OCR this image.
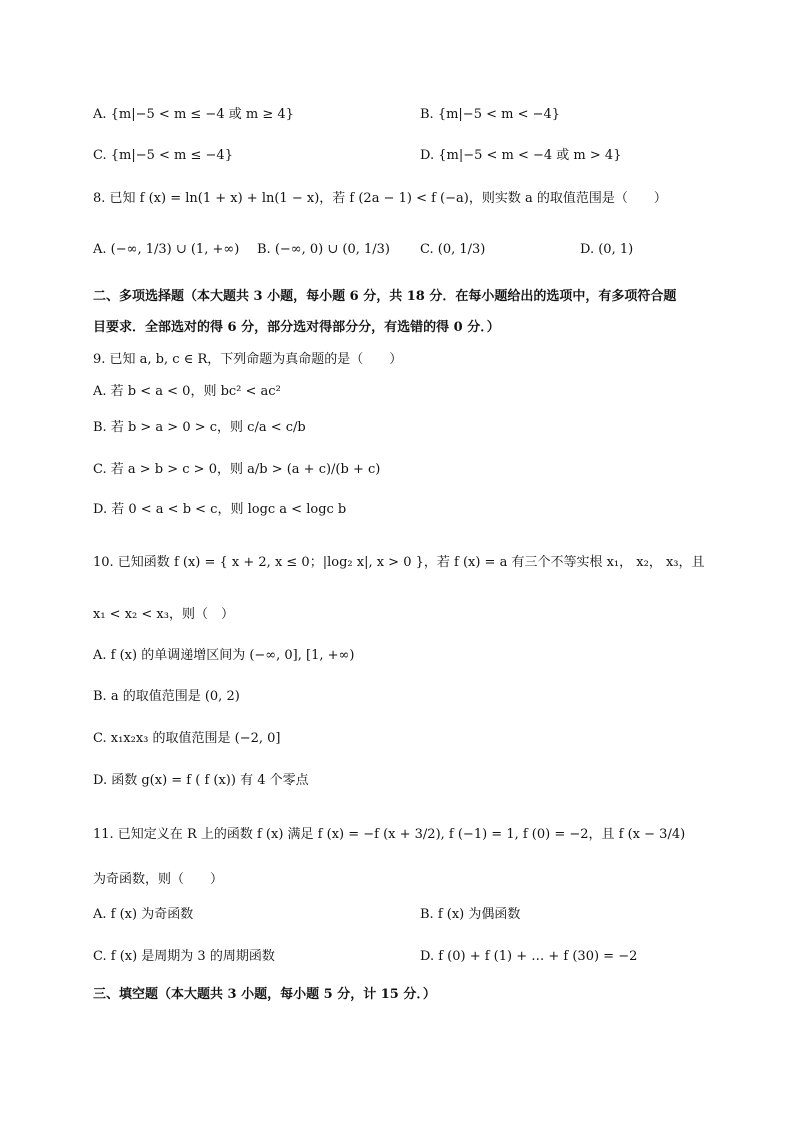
A. {m|−5 < m ≤ −4 或 m ≥ 4}	B. {m|−5 < m < −4}
C. {m|−5 < m ≤ −4}	D. {m|−5 < m < −4 或 m > 4}
8. 已知 f (x) = ln(1 + x) + ln(1 − x)，若 f (2a − 1) < f (−a)，则实数 a 的取值范围是（　　）
A. (−∞, 1/3) ∪ (1, +∞) B. (−∞, 0) ∪ (0, 1/3) C. (0, 1/3)	D. (0, 1)
二、多项选择题（本大题共 3 小题，每小题 6 分，共 18 分．在每小题给出的选项中，有多项符合题
目要求．全部选对的得 6 分，部分选对得部分分，有选错的得 0 分．）
9. 已知 a, b, c ∈ R，下列命题为真命题的是（　　）
A. 若 b < a < 0，则 bc² < ac²
B. 若 b > a > 0 > c，则 c/a < c/b
C. 若 a > b > c > 0，则 a/b > (a + c)/(b + c)
D. 若 0 < a < b < c，则 logc a < logc b
10. 已知函数 f (x) = { x + 2, x ≤ 0；|log₂ x|, x > 0 }，若 f (x) = a 有三个不等实根 x₁， x₂， x₃，且
x₁ < x₂ < x₃，则（　）
A. f (x) 的单调递增区间为 (−∞, 0], [1, +∞)
B. a 的取值范围是 (0, 2)
C. x₁x₂x₃ 的取值范围是 (−2, 0]
D. 函数 g(x) = f ( f (x)) 有 4 个零点
11. 已知定义在 R 上的函数 f (x) 满足 f (x) = −f (x + 3/2), f (−1) = 1, f (0) = −2，且 f (x − 3/4)
为奇函数，则（　　）
A. f (x) 为奇函数	B. f (x) 为偶函数
C. f (x) 是周期为 3 的周期函数	D. f (0) + f (1) + … + f (30) = −2
三、填空题（本大题共 3 小题，每小题 5 分，计 15 分．）
